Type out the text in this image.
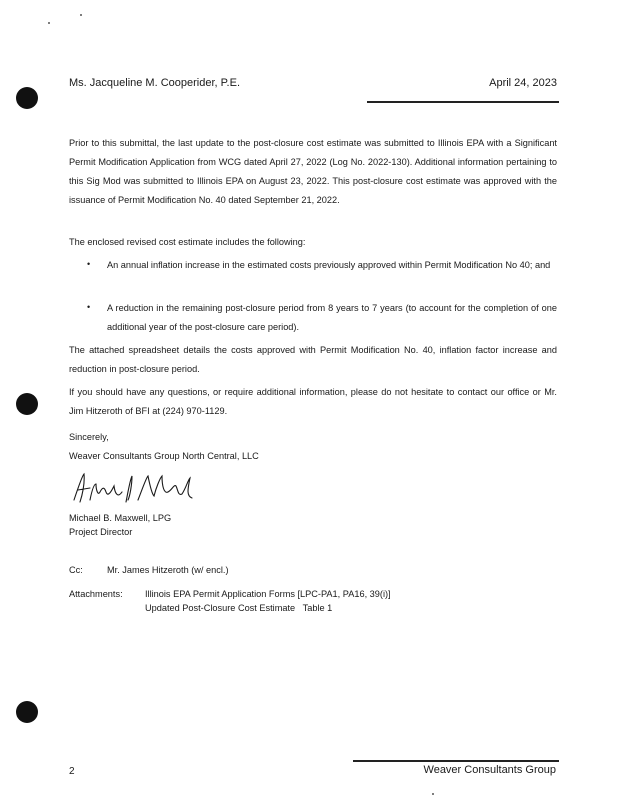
Ms. Jacqueline M. Cooperider, P.E.	April 24, 2023

Prior to this submittal, the last update to the post-closure cost estimate was submitted to Illinois EPA with a Significant Permit Modification Application from WCG dated April 27, 2022 (Log No. 2022-130). Additional information pertaining to this Sig Mod was submitted to Illinois EPA on August 23, 2022. This post-closure cost estimate was approved with the issuance of Permit Modification No. 40 dated September 21, 2022.

The enclosed revised cost estimate includes the following:

• An annual inflation increase in the estimated costs previously approved within Permit Modification No 40; and

• A reduction in the remaining post-closure period from 8 years to 7 years (to account for the completion of one additional year of the post-closure care period).

The attached spreadsheet details the costs approved with Permit Modification No. 40, inflation factor increase and reduction in post-closure period.

If you should have any questions, or require additional information, please do not hesitate to contact our office or Mr. Jim Hitzeroth of BFI at (224) 970-1129.

Sincerely,

Weaver Consultants Group North Central, LLC

Michael B. Maxwell, LPG

Project Director

Cc:	Mr. James Hitzeroth (w/ encl.)
Attachments: Illinois EPA Permit Application Forms [LPC-PA1, PA16, 39(i)]
Updated Post-Closure Cost Estimate   Table 1
2	Weaver Consultants Group
